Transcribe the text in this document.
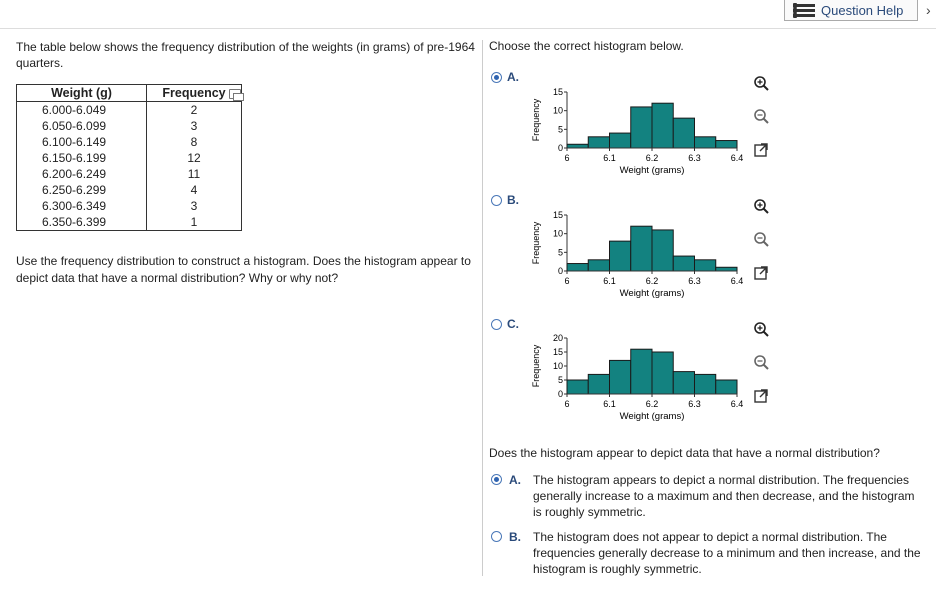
Question Help ›
The table below shows the frequency distribution of the weights (in grams) of pre-1964 quarters.
Weight (g)	Frequency
6.000-6.049	2
6.050-6.099	3
6.100-6.149	8
6.150-6.199	12
6.200-6.249	11
6.250-6.299	4
6.300-6.349	3
6.350-6.399	1
Use the frequency distribution to construct a histogram. Does the histogram appear to depict data that have a normal distribution? Why or why not?
Choose the correct histogram below.
A.
B.
C.
Frequency
0
5
10
15
6	6.1	6.2	6.3	6.4
Weight (grams)
Frequency
0
5
10
15
6	6.1	6.2	6.3	6.4
Weight (grams)
Frequency
0
5
10
15
20
6	6.1	6.2	6.3	6.4
Weight (grams)
Does the histogram appear to depict data that have a normal distribution?
A. The histogram appears to depict a normal distribution. The frequencies generally increase to a maximum and then decrease, and the histogram is roughly symmetric.
B. The histogram does not appear to depict a normal distribution. The frequencies generally decrease to a minimum and then increase, and the histogram is roughly symmetric.
